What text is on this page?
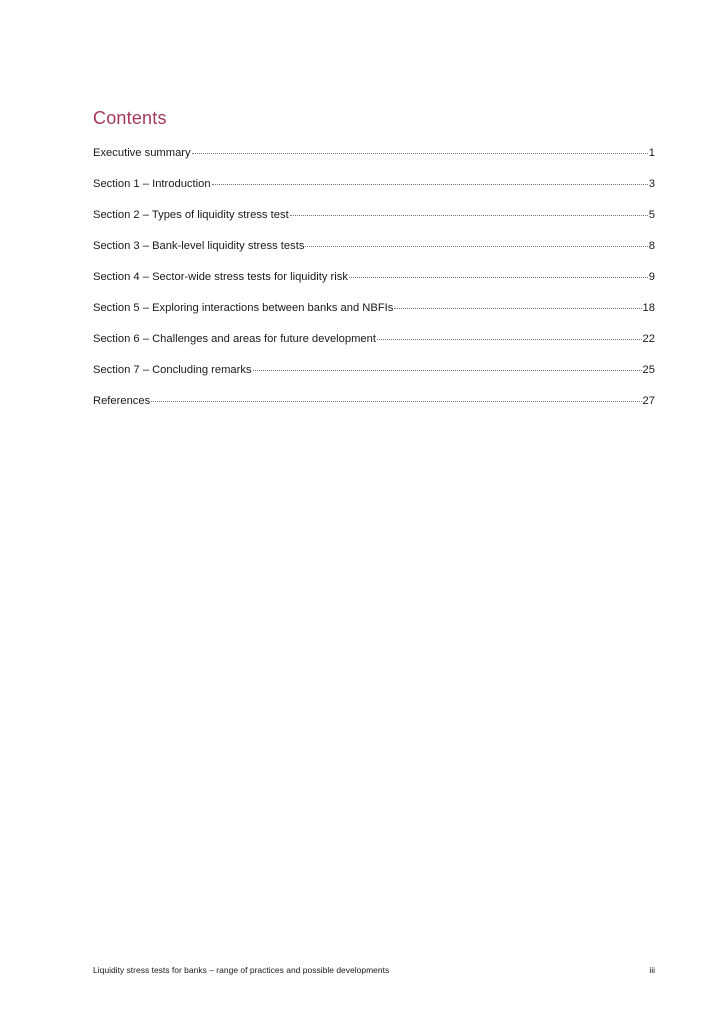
Contents
Executive summary	1
Section 1 – Introduction	3
Section 2 – Types of liquidity stress test	5
Section 3 – Bank-level liquidity stress tests	8
Section 4 – Sector-wide stress tests for liquidity risk	9
Section 5 – Exploring interactions between banks and NBFIs	18
Section 6 – Challenges and areas for future development	22
Section 7 – Concluding remarks	25
References	27
Liquidity stress tests for banks – range of practices and possible developments	iii
